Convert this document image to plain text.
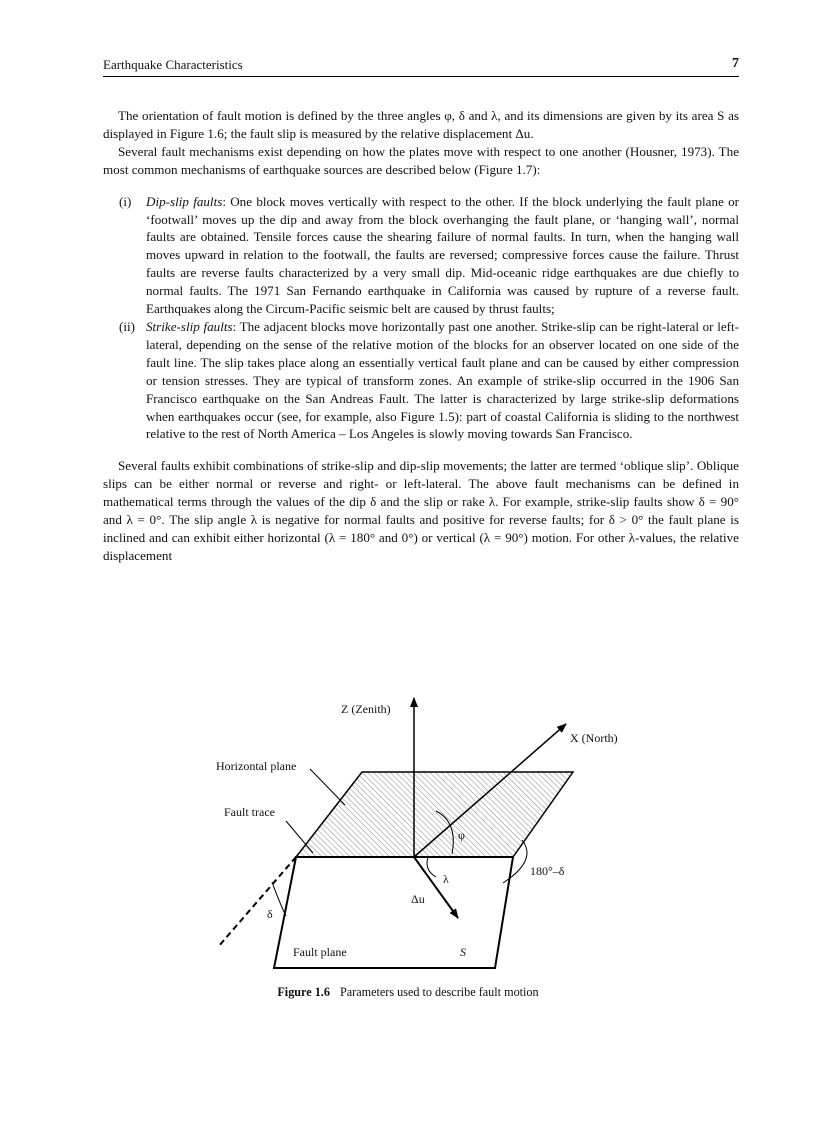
Earthquake Characteristics	7

The orientation of fault motion is defined by the three angles φ, δ and λ, and its dimensions are given by its area S as displayed in Figure 1.6; the fault slip is measured by the relative displacement Δu.

Several fault mechanisms exist depending on how the plates move with respect to one another (Housner, 1973). The most common mechanisms of earthquake sources are described below (Figure 1.7):

(i) Dip-slip faults: One block moves vertically with respect to the other. If the block underlying the fault plane or ‘footwall’ moves up the dip and away from the block overhanging the fault plane, or ‘hanging wall’, normal faults are obtained. Tensile forces cause the shearing failure of normal faults. In turn, when the hanging wall moves upward in relation to the footwall, the faults are reversed; compressive forces cause the failure. Thrust faults are reverse faults characterized by a very small dip. Mid-oceanic ridge earthquakes are due chiefly to normal faults. The 1971 San Fernando earthquake in California was caused by rupture of a reverse fault. Earthquakes along the Circum-Pacific seismic belt are caused by thrust faults;
(ii) Strike-slip faults: The adjacent blocks move horizontally past one another. Strike-slip can be right-lateral or left-lateral, depending on the sense of the relative motion of the blocks for an observer located on one side of the fault line. The slip takes place along an essentially vertical fault plane and can be caused by either compression or tension stresses. They are typical of transform zones. An example of strike-slip occurred in the 1906 San Francisco earthquake on the San Andreas Fault. The latter is characterized by large strike-slip deformations when earthquakes occur (see, for example, also Figure 1.5): part of coastal California is sliding to the northwest relative to the rest of North America – Los Angeles is slowly moving towards San Francisco.

Several faults exhibit combinations of strike-slip and dip-slip movements; the latter are termed ‘oblique slip’. Oblique slips can be either normal or reverse and right- or left-lateral. The above fault mechanisms can be defined in mathematical terms through the values of the dip δ and the slip or rake λ. For example, strike-slip faults show δ = 90° and λ = 0°. The slip angle λ is negative for normal faults and positive for reverse faults; for δ > 0° the fault plane is inclined and can exhibit either horizontal (λ = 180° and 0°) or vertical (λ = 90°) motion. For other λ-values, the relative displacement

Z (Zenith)
X (North)
Horizontal plane
Fault trace
φ
λ
Δu
180°–δ
δ
Fault plane	S
Figure 1.6 Parameters used to describe fault motion
